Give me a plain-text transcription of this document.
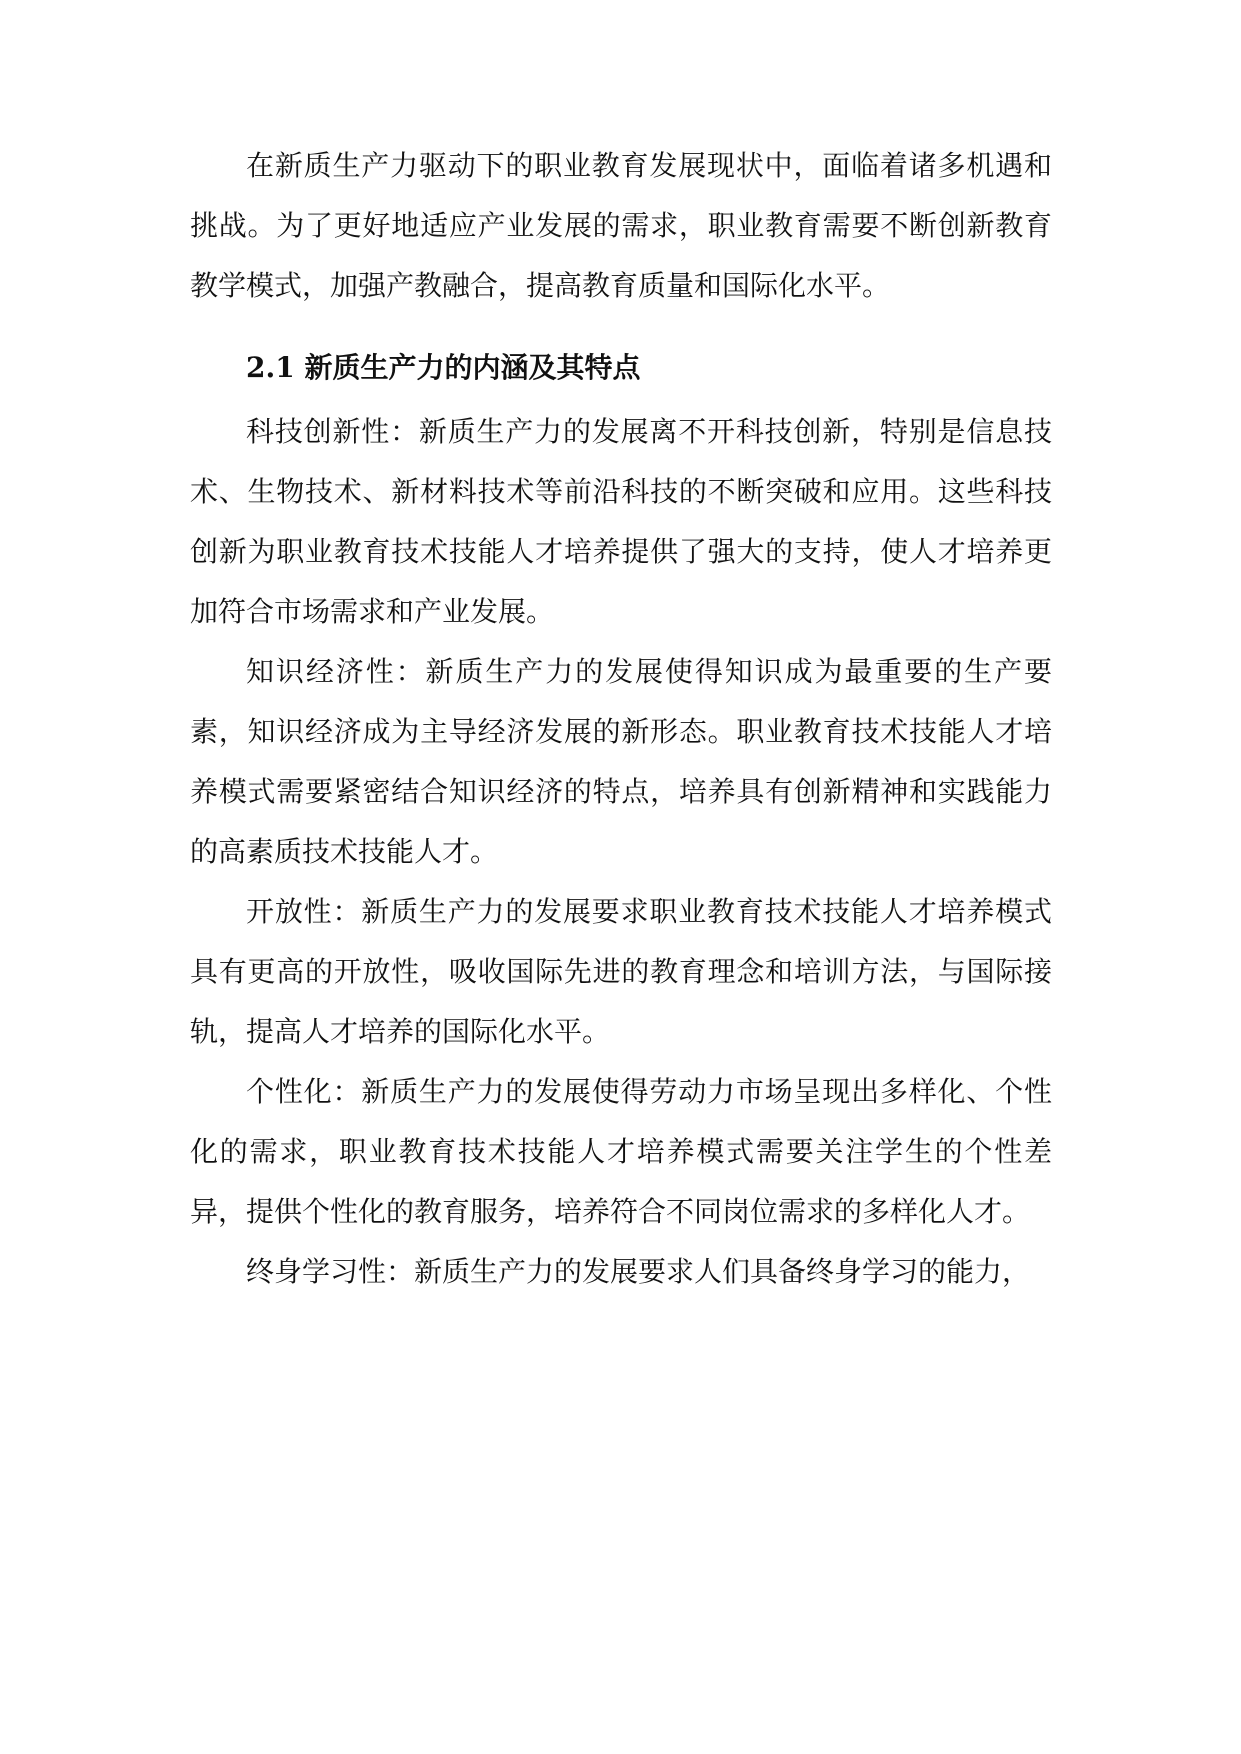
在新质生产力驱动下的职业教育发展现状中，面临着诸多机遇和挑战。为了更好地适应产业发展的需求，职业教育需要不断创新教育教学模式，加强产教融合，提高教育质量和国际化水平。

2.1 新质生产力的内涵及其特点

科技创新性：新质生产力的发展离不开科技创新，特别是信息技术、生物技术、新材料技术等前沿科技的不断突破和应用。这些科技创新为职业教育技术技能人才培养提供了强大的支持，使人才培养更加符合市场需求和产业发展。

知识经济性：新质生产力的发展使得知识成为最重要的生产要素，知识经济成为主导经济发展的新形态。职业教育技术技能人才培养模式需要紧密结合知识经济的特点，培养具有创新精神和实践能力的高素质技术技能人才。

开放性：新质生产力的发展要求职业教育技术技能人才培养模式具有更高的开放性，吸收国际先进的教育理念和培训方法，与国际接轨，提高人才培养的国际化水平。

个性化：新质生产力的发展使得劳动力市场呈现出多样化、个性化的需求，职业教育技术技能人才培养模式需要关注学生的个性差异，提供个性化的教育服务，培养符合不同岗位需求的多样化人才。

终身学习性：新质生产力的发展要求人们具备终身学习的能力，
